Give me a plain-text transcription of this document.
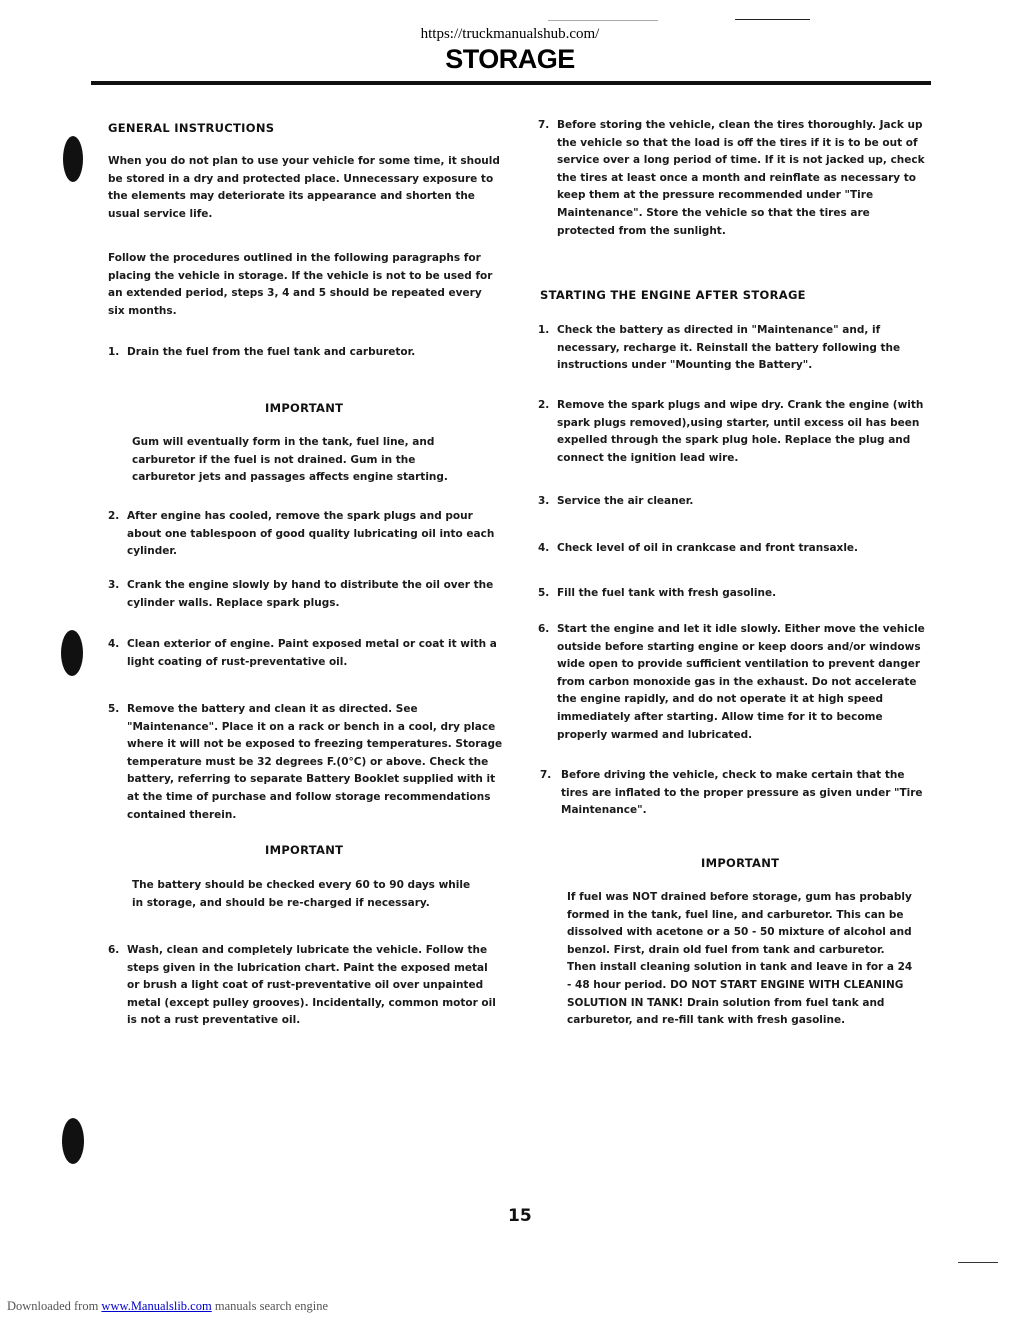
https://truckmanualshub.com/
STORAGE
GENERAL INSTRUCTIONS

When you do not plan to use your vehicle for some time, it should be stored in a dry and protected place. Unnecessary exposure to the elements may deteriorate its appearance and shorten the usual service life.

Follow the procedures outlined in the following paragraphs for placing the vehicle in storage. If the vehicle is not to be used for an extended period, steps 3, 4 and 5 should be repeated every six months.

1. Drain the fuel from the fuel tank and carburetor.
IMPORTANT

Gum will eventually form in the tank, fuel line, and carburetor if the fuel is not drained. Gum in the carburetor jets and passages affects engine starting.

2. After engine has cooled, remove the spark plugs and pour about one tablespoon of good quality lubricating oil into each cylinder.
3. Crank the engine slowly by hand to distribute the oil over the cylinder walls. Replace spark plugs.
4. Clean exterior of engine. Paint exposed metal or coat it with a light coating of rust-preventative oil.
5. Remove the battery and clean it as directed. See "Maintenance". Place it on a rack or bench in a cool, dry place where it will not be exposed to freezing temperatures. Storage temperature must be 32 degrees F.(0°C) or above. Check the battery, referring to separate Battery Booklet supplied with it at the time of purchase and follow storage recommendations contained therein.
IMPORTANT

The battery should be checked every 60 to 90 days while in storage, and should be re-charged if necessary.

6. Wash, clean and completely lubricate the vehicle. Follow the steps given in the lubrication chart. Paint the exposed metal or brush a light coat of rust-preventative oil over unpainted metal (except pulley grooves). Incidentally, common motor oil is not a rust preventative oil.
7. Before storing the vehicle, clean the tires thoroughly. Jack up the vehicle so that the load is off the tires if it is to be out of service over a long period of time. If it is not jacked up, check the tires at least once a month and reinflate as necessary to keep them at the pressure recommended under "Tire Maintenance". Store the vehicle so that the tires are protected from the sunlight.
STARTING THE ENGINE AFTER STORAGE
1. Check the battery as directed in "Maintenance" and, if necessary, recharge it. Reinstall the battery following the instructions under "Mounting the Battery".
2. Remove the spark plugs and wipe dry. Crank the engine (with spark plugs removed),using starter, until excess oil has been expelled through the spark plug hole. Replace the plug and connect the ignition lead wire.
3. Service the air cleaner.
4. Check level of oil in crankcase and front transaxle.
5. Fill the fuel tank with fresh gasoline.
6. Start the engine and let it idle slowly. Either move the vehicle outside before starting engine or keep doors and/or windows wide open to provide sufficient ventilation to prevent danger from carbon monoxide gas in the exhaust. Do not accelerate the engine rapidly, and do not operate it at high speed immediately after starting. Allow time for it to become properly warmed and lubricated.
7. Before driving the vehicle, check to make certain that the tires are inflated to the proper pressure as given under "Tire Maintenance".
IMPORTANT

If fuel was NOT drained before storage, gum has probably formed in the tank, fuel line, and carburetor. This can be dissolved with acetone or a 50 - 50 mixture of alcohol and benzol. First, drain old fuel from tank and carburetor. Then install cleaning solution in tank and leave in for a 24 - 48 hour period. DO NOT START ENGINE WITH CLEANING SOLUTION IN TANK! Drain solution from fuel tank and carburetor, and re-fill tank with fresh gasoline.

15
Downloaded from www.Manualslib.com manuals search engine
